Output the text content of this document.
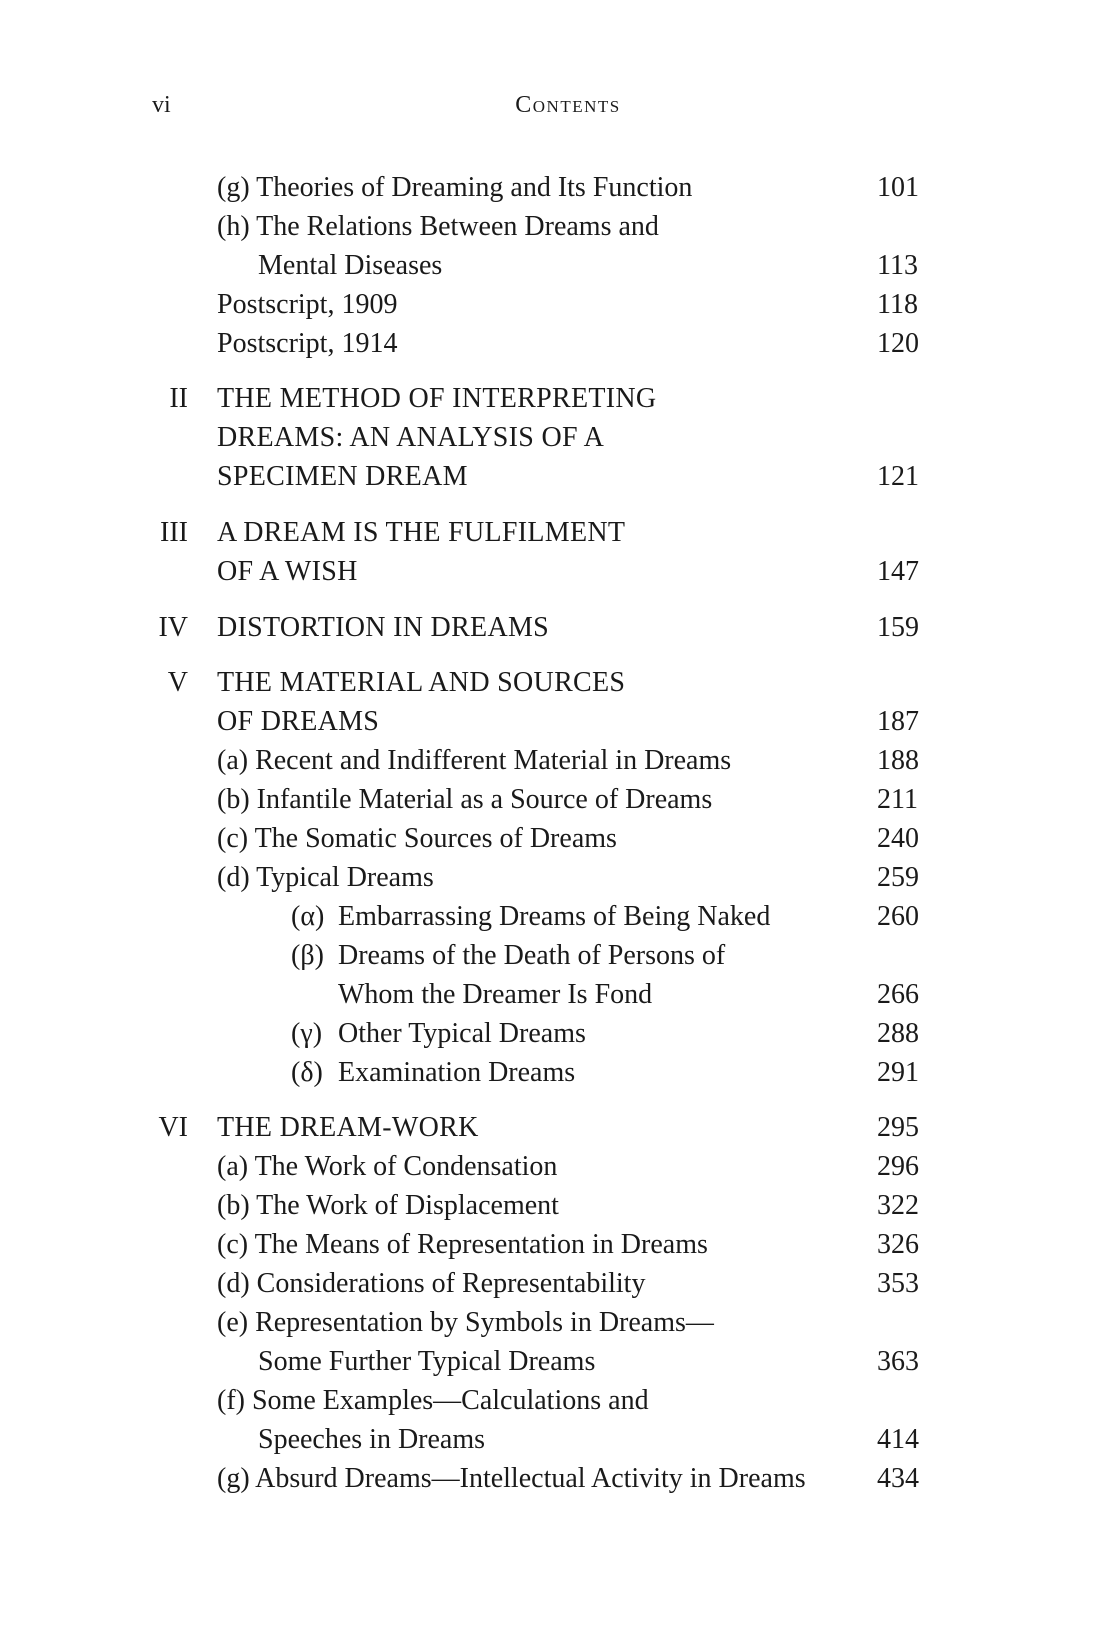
vi	Contents
(g) Theories of Dreaming and Its Function	101
(h) The Relations Between Dreams and
Mental Diseases	113
Postscript, 1909	118
Postscript, 1914	120
II THE METHOD OF INTERPRETING
DREAMS: AN ANALYSIS OF A
SPECIMEN DREAM	121
III A DREAM IS THE FULFILMENT
OF A WISH	147
IV DISTORTION IN DREAMS	159
V THE MATERIAL AND SOURCES
OF DREAMS	187
(a) Recent and Indifferent Material in Dreams	188
(b) Infantile Material as a Source of Dreams	211
(c) The Somatic Sources of Dreams	240
(d) Typical Dreams	259
(α) Embarrassing Dreams of Being Naked	260
(β) Dreams of the Death of Persons of
Whom the Dreamer Is Fond	266
(γ) Other Typical Dreams	288
(δ) Examination Dreams	291
VI THE DREAM-WORK	295
(a) The Work of Condensation	296
(b) The Work of Displacement	322
(c) The Means of Representation in Dreams	326
(d) Considerations of Representability	353
(e) Representation by Symbols in Dreams—
Some Further Typical Dreams	363
(f) Some Examples—Calculations and
Speeches in Dreams	414
(g) Absurd Dreams—Intellectual Activity in Dreams	434
